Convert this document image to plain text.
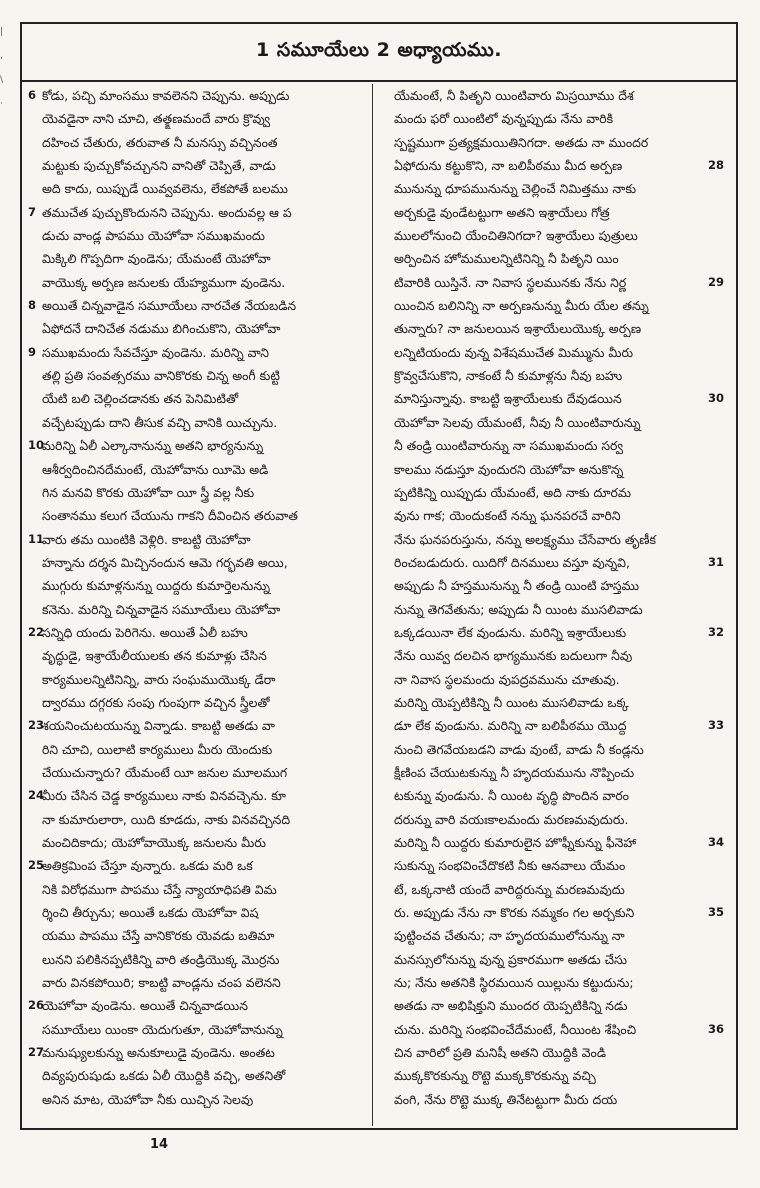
|
,
\
·
1 సమూయేలు 2 అధ్యాయము.
6 కోడు, పచ్చి మాంసము కావలెనని చెప్పును. అప్పుడు
యెవడైనా నాని చూచి, తత్క్షణమందే వారు క్రొవ్వు
దహించ చేతురు, తరువాత నీ మనస్సు వచ్చినంత
మట్టుకు పుచ్చుకోవచ్చునని వానితో చెప్పితే, వాడు
అది కాదు, యిప్పుడే యివ్వవలెను, లేకపోతే బలము
7 తముచేత పుచ్చుకొందునని చెప్పును. అందువల్ల ఆ ప
డుచు వాండ్ల పాపము యెహోవా సముఖమందు
మిక్కిలి గొప్పదిగా వుండెను; యేమంటే యెహోవా
వాయొక్క అర్పణ జనులకు యేహ్యముగా వుండెను.
8 అయితే చిన్నవాడైన సమూయేలు నారచేత నేయబడిన
ఏఫోదనే దానిచేత నడుము బిగించుకొని, యెహోవా
9 సముఖమందు సేవచేస్తూ వుండెను. మరిన్ని వాని
తల్లి ప్రతి సంవత్సరము వానికొరకు చిన్న అంగీ కుట్టి
యేటి బలి చెల్లించడానకు తన పెనిమిటితో
వచ్చేటప్పుడు దాని తీసుక వచ్చి వానికి యిచ్చును.
10
మరిన్ని ఏలీ ఎల్కానానున్ను అతని భార్యనున్ను
ఆశీర్వదించినదేమంటే, యెహోవాను యీమె అడి
గిన మనవి కొరకు యెహోవా యీ స్త్రీ వల్ల నీకు
సంతానము కలుగ చేయును గాకని దీవించిన తరువాత
11
వారు తమ యింటికి వెళ్లిరి. కాబట్టి యెహోవా
హన్నాను దర్శన మిచ్చినందున ఆమె గర్భవతి అయి,
ముగ్గురు కుమాళ్లనున్ను యిద్దరు కుమార్తెలనున్ను
కనెను. మరిన్ని చిన్నవాడైన సమూయేలు యెహోవా
22
సన్నిధి యందు పెరిగెను. అయితే ఏలీ బహు
వృద్ధుడై, ఇశ్రాయేలీయులకు తన కుమాళ్లు చేసిన
కార్యములన్నిటినిన్ని, వారు సంఘముయొక్క డేరా
ద్వారము దగ్గరకు సంపు గుంపుగా వచ్చిన స్త్రీలతో
23
శయనించుటయున్ను విన్నాడు. కాబట్టి అతడు వా
రిని చూచి, యిలాటి కార్యములు మీరు యెందుకు
చేయుచున్నారు? యేమంటే యీ జనుల మూలముగ
24
మీరు చేసిన చెడ్డ కార్యములు నాకు వినవచ్చెను. కూ
నా కుమారులారా, యిది కూడదు, నాకు వినవచ్చినది
మంచిదికాదు; యెహోవాయొక్క జనులను మీరు
25
అతిక్రమింప చేస్తూ వున్నారు. ఒకడు మరి ఒక
నికి విరోధముగా పాపము చేస్తే న్యాయాధిపతి విమ
ర్శించి తీర్చును; అయితే ఒకడు యెహోవా విష
యము పాపము చేస్తే వానికొరకు యెవడు బతిమా
లునని పలికినప్పటికిన్ని వారి తండ్రియొక్క మొర్రను
వారు వినకపోయిరి; కాబట్టి వాండ్లను చంప వలెనని
26
యెహోవా వుండెను. అయితే చిన్నవాడయిన
సమూయేలు యింకా యెదుగుతూ, యెహోవానున్ను
27
మనుష్యులకున్ను అనుకూలుడై వుండెను. అంతట
దివ్యపురుషుడు ఒకడు ఏలీ యొద్దికి వచ్చి, అతనితో
అనిన మాట, యెహోవా నీకు యిచ్చిన సెలవు
యేమంటే, నీ పితృని యింటివారు మిస్రయీము దేశ
మందు ఫరో యింటిలో వున్నప్పుడు నేను వారికి
స్పష్టముగా ప్రత్యక్షమయితినిగదా. అతడు నా ముందర
28
ఏఫోదును కట్టుకొని, నా బలిపీఠము మీద అర్పణ
మునున్ను ధూపమునున్ను చెల్లించే నిమిత్తము నాకు
అర్చకుడై వుండేటట్టుగా అతని ఇశ్రాయేలు గోత్ర
ములలోనుంచి యేంచితినిగదా? ఇశ్రాయేలు పుత్రులు
అర్పించిన హోమములన్నిటినిన్ని నీ పితృని యిం
29
టివారికి యిస్తినే. నా నివాస స్థలమునకు నేను నిర్ణ
యించిన బలినిన్ని నా అర్పణనున్ను మీరు యేల తన్ను
తున్నారు? నా జనులయిన ఇశ్రాయేలుయొక్క అర్పణ
లన్నిటియందు వున్న విశేషముచేత మిమ్మును మీరు
క్రొవ్వచేసుకొని, నాకంటే నీ కుమాళ్లను నీవు బహు
30
మానిస్తున్నావు. కాబట్టి ఇశ్రాయేలుకు దేవుడయిన
యెహోవా సెలవు యేమంటే, నీవు నీ యింటివారున్ను
నీ తండ్రి యింటివారున్ను నా సముఖమందు సర్వ
కాలము నడుస్తూ వుందురని యెహోవా అనుకొన్న
ప్పటికిన్ని యిప్పుడు యేమంటే, అది నాకు దూరమ
వును గాక; యెందుకంటే నన్ను ఘనపరచే వారిని
నేను ఘనపరుస్తును, నన్ను అలక్ష్యము చేసేవారు తృణీక
31
రించబడుదురు. యిదిగో దినములు వస్తూ వున్నవి,
అప్పుడు నీ హస్తమునున్ను నీ తండ్రి యింటి హస్తము
నున్ను తెగవేతును; అప్పుడు నీ యింట ముసలివాడు
32
ఒక్కడయినా లేక వుండును. మరిన్ని ఇశ్రాయేలుకు
నేను యివ్వ దలచిన భాగ్యమునకు బదులుగా నీవు
నా నివాస స్థలమందు వుపద్రవమును చూతువు.
మరిన్ని యెప్పటికిన్ని నీ యింట ముసలివాడు ఒక్క
33
డూ లేక వుండును. మరిన్ని నా బలిపీఠము యొద్ద
నుంచి తెగవేయబడని వాడు వుంటే, వాడు నీ కండ్లను
క్షీణింప చేయుటకున్ను నీ హృదయమును నొప్పించు
టకున్ను వుండును. నీ యింట వృద్ధి పొందిన వారం
దరున్ను వారి వయఃకాలమందు మరణమవుదురు.
34
మరిన్ని నీ యిద్దరు కుమారులైన హొఫ్నీకున్ను ఫీనెహా
సుకున్ను సంభవించేదొకటి నీకు ఆనవాలు యేమం
టే, ఒక్కనాటి యందే వారిద్దరున్ను మరణమవుదు
35
రు. అప్పుడు నేను నా కొరకు నమ్మకం గల అర్చకుని
పుట్టించవ చేతును; నా హృదయములోనున్ను నా
మనస్సులోనున్ను వున్న ప్రకారముగా అతడు చేసు
ను; నేను అతనికి స్థిరమయిన యిల్లును కట్టుదును;
అతడు నా అభిషిక్తుని ముందర యెప్పటికిన్ని నడు
36
చును. మరిన్ని సంభవించేదేమంటే, నీయింట శేషించి
చిన వారిలో ప్రతి మనిషీ అతని యొద్దికి వెండి
ముక్కకొరకున్ను రొట్టె ముక్కకొరకున్ను వచ్చి
వంగి, నేను రొట్టె ముక్క తినేటట్టుగా మీరు దయ
14
